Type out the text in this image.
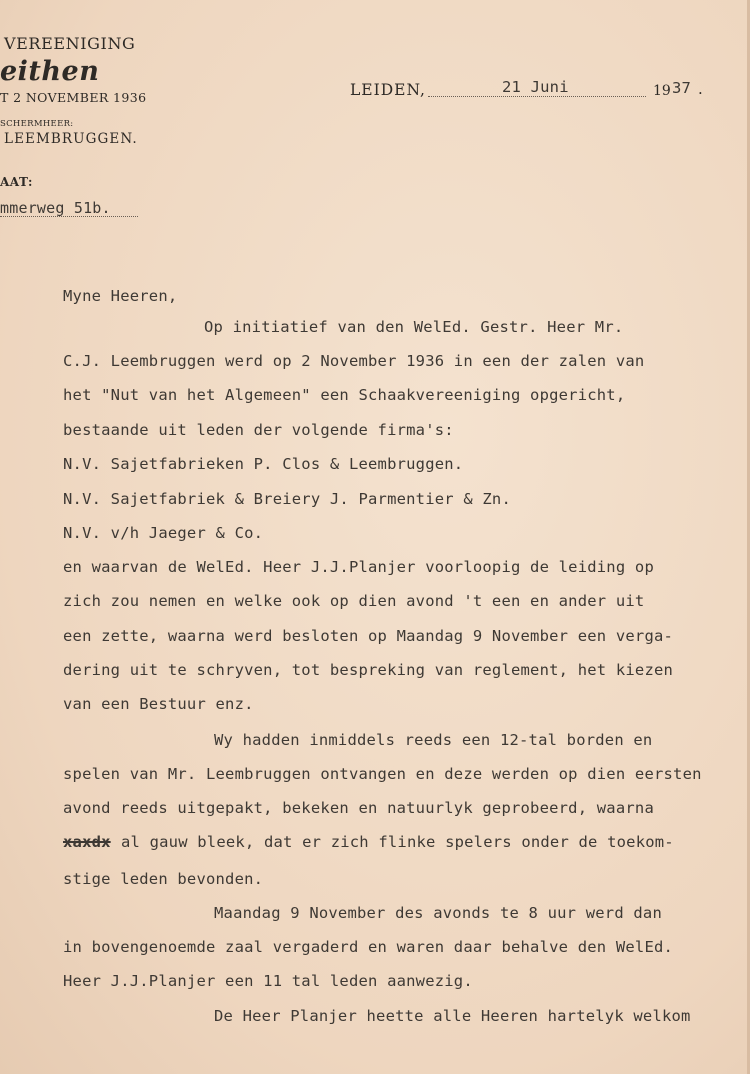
VEREENIGING
eithen
T 2 NOVEMBER 1936
SCHERMHEER:
LEEMBRUGGEN.
AAT:
mmerweg 51b.
LEIDEN,	21 Juni	19 37 .
Myne Heeren,
Op initiatief van den WelEd. Gestr. Heer Mr.
C.J. Leembruggen werd op 2 November 1936 in een der zalen van
het "Nut van het Algemeen" een Schaakvereeniging opgericht,
bestaande uit leden der volgende firma's:
N.V. Sajetfabrieken P. Clos & Leembruggen.
N.V. Sajetfabriek & Breiery J. Parmentier & Zn.
N.V. v/h Jaeger & Co.
en waarvan de WelEd. Heer J.J.Planjer voorloopig de leiding op
zich zou nemen en welke ook op dien avond 't een en ander uit
een zette, waarna werd besloten op Maandag 9 November een verga-
dering uit te schryven, tot bespreking van reglement, het kiezen
van een Bestuur enz.
Wy hadden inmiddels reeds een 12-tal borden en
spelen van Mr. Leembruggen ontvangen en deze werden op dien eersten
avond reeds uitgepakt, bekeken en natuurlyk geprobeerd, waarna
xaxdx al gauw bleek, dat er zich flinke spelers onder de toekom-
stige leden bevonden.
Maandag 9 November des avonds te 8 uur werd dan
in bovengenoemde zaal vergaderd en waren daar behalve den WelEd.
Heer J.J.Planjer een 11 tal leden aanwezig.
De Heer Planjer heette alle Heeren hartelyk welkom
